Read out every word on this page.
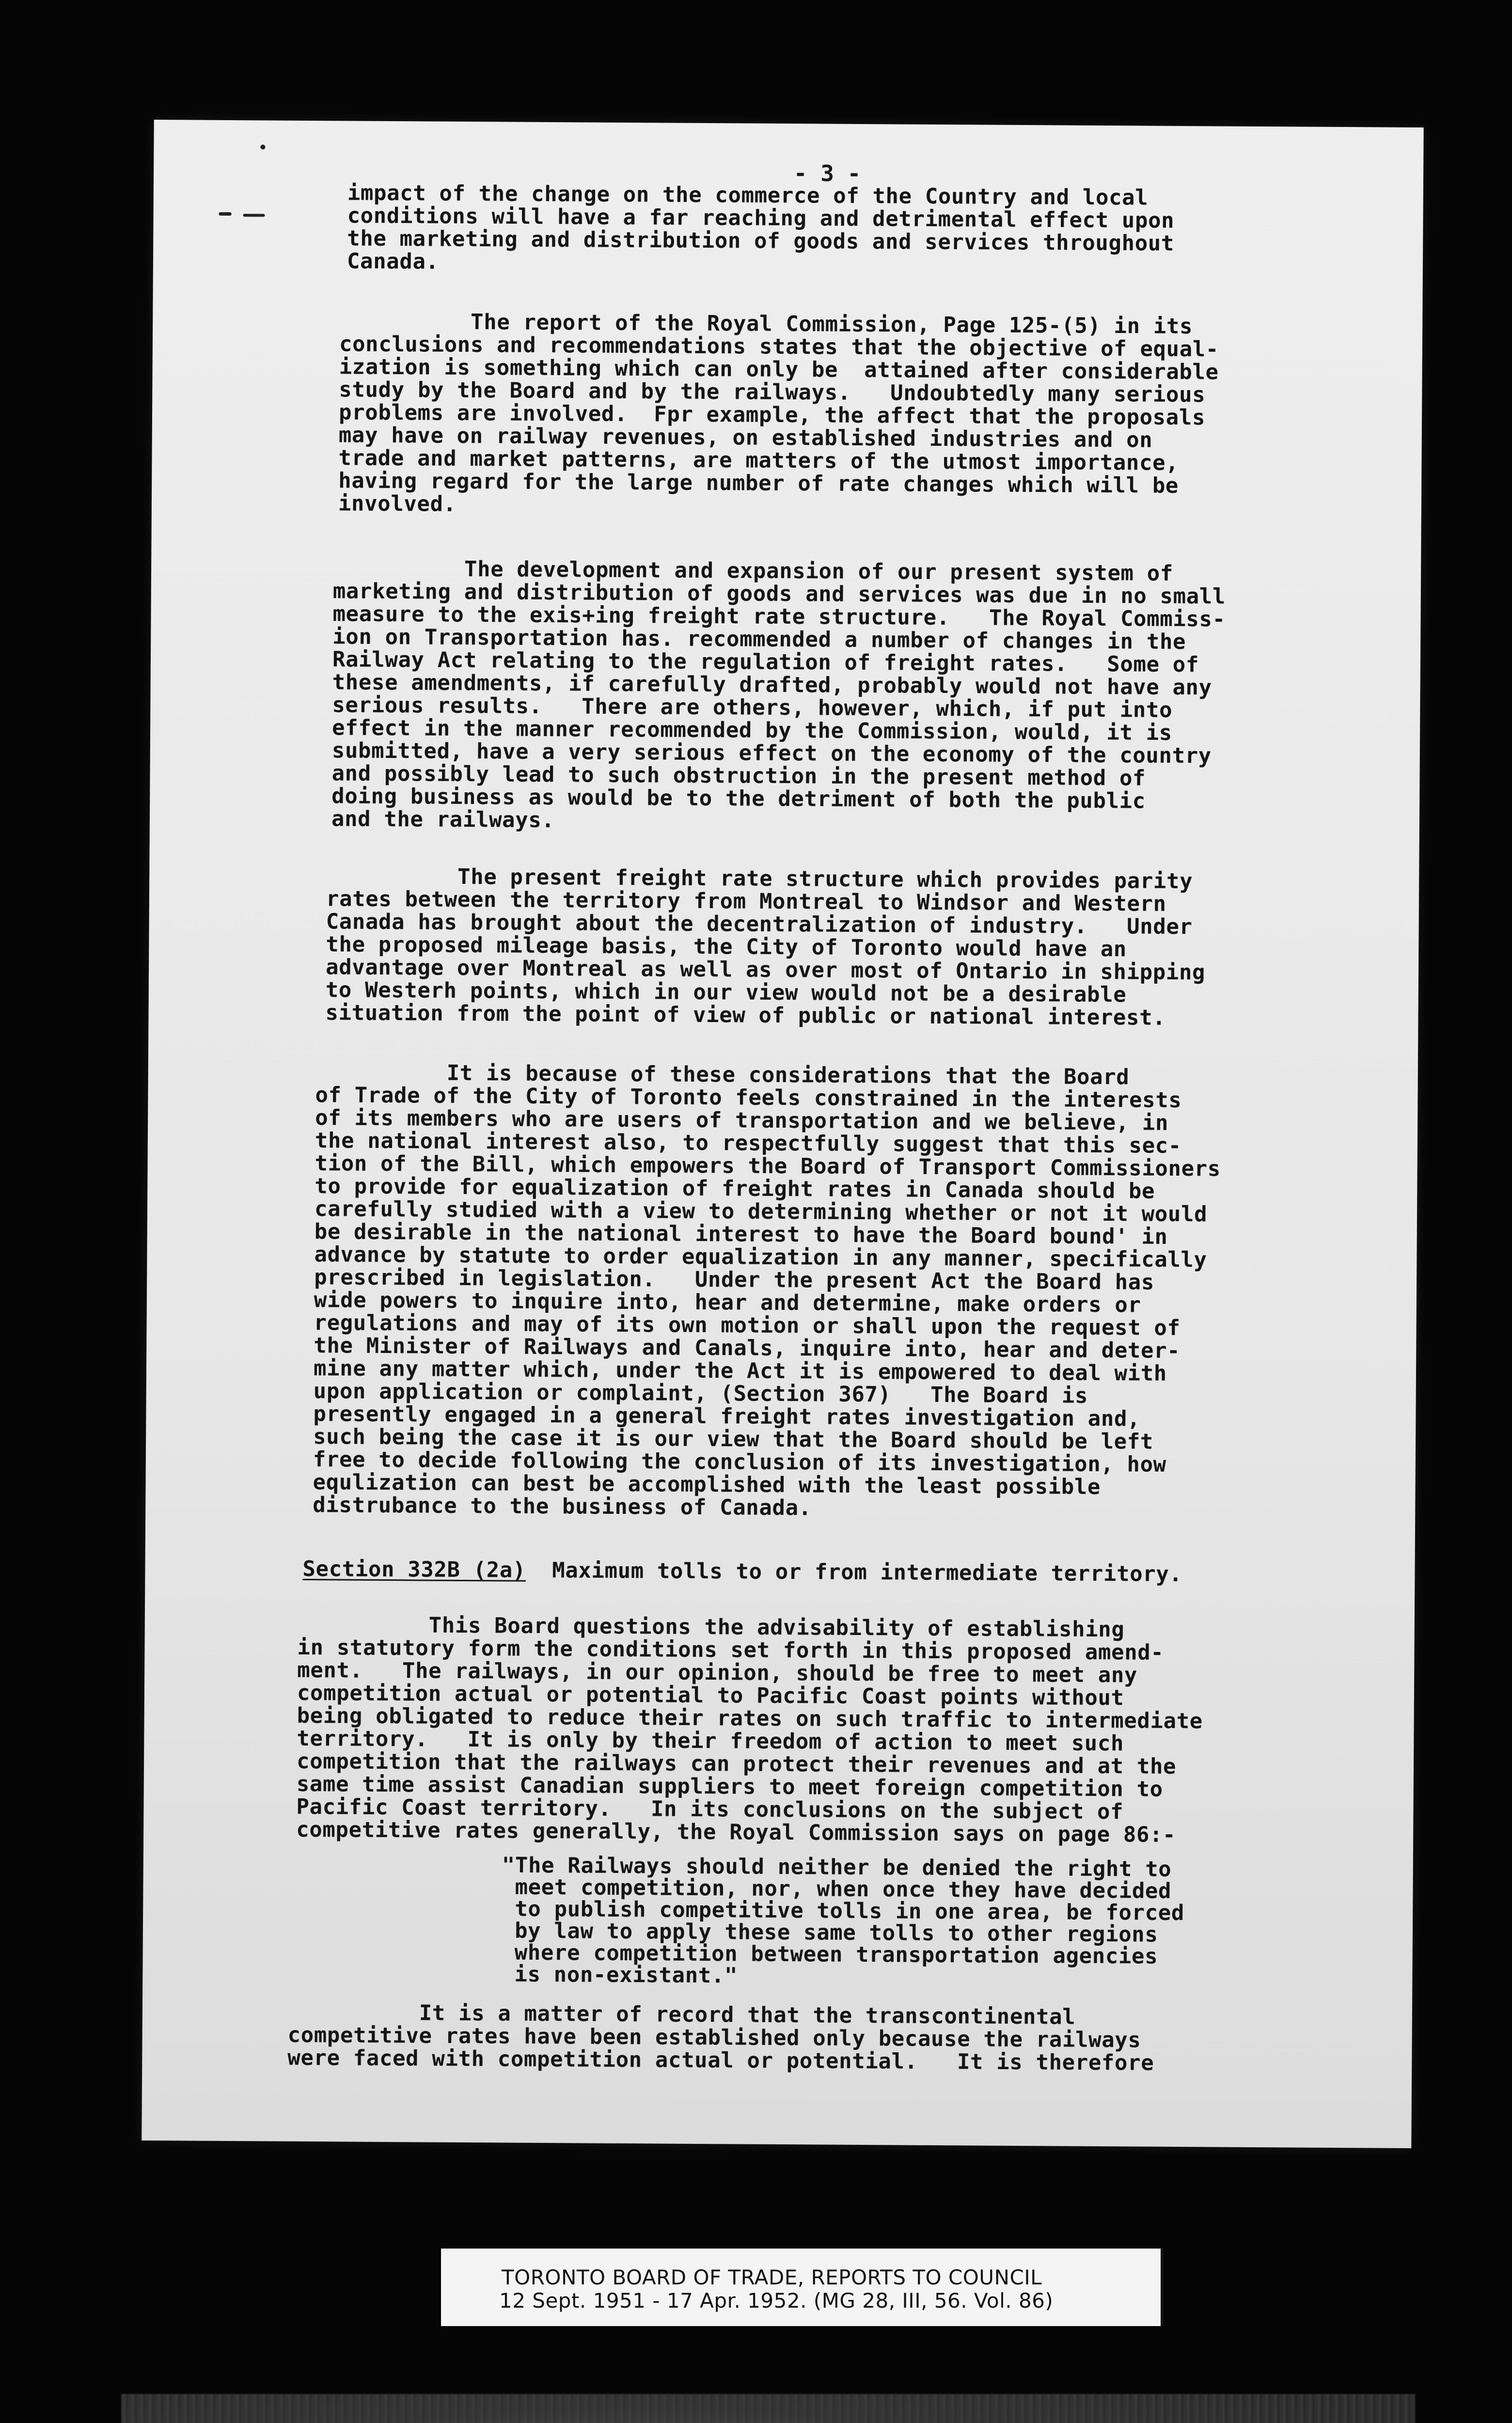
- 3 -

impact of the change on the commerce of the Country and local
conditions will have a far reaching and detrimental effect upon
the marketing and distribution of goods and services throughout
Canada.

The report of the Royal Commission, Page 125-(5) in its
conclusions and recommendations states that the objective of equal-
ization is something which can only be  attained after considerable
study by the Board and by the railways.   Undoubtedly many serious
problems are involved.  Fpr example, the affect that the proposals
may have on railway revenues, on established industries and on
trade and market patterns, are matters of the utmost importance,
having regard for the large number of rate changes which will be
involved.

The development and expansion of our present system of
marketing and distribution of goods and services was due in no small
measure to the exis+ing freight rate structure.   The Royal Commiss-
ion on Transportation has. recommended a number of changes in the
Railway Act relating to the regulation of freight rates.   Some of
these amendments, if carefully drafted, probably would not have any
serious results.   There are others, however, which, if put into
effect in the manner recommended by the Commission, would, it is
submitted, have a very serious effect on the economy of the country
and possibly lead to such obstruction in the present method of
doing business as would be to the detriment of both the public
and the railways.

The present freight rate structure which provides parity
rates between the territory from Montreal to Windsor and Western
Canada has brought about the decentralization of industry.   Under
the proposed mileage basis, the City of Toronto would have an
advantage over Montreal as well as over most of Ontario in shipping
to Westerh points, which in our view would not be a desirable
situation from the point of view of public or national interest.

It is because of these considerations that the Board
of Trade of the City of Toronto feels constrained in the interests
of its members who are users of transportation and we believe, in
the national interest also, to respectfully suggest that this sec-
tion of the Bill, which empowers the Board of Transport Commissioners
to provide for equalization of freight rates in Canada should be
carefully studied with a view to determining whether or not it would
be desirable in the national interest to have the Board bound' in
advance by statute to order equalization in any manner, specifically
prescribed in legislation.   Under the present Act the Board has
wide powers to inquire into, hear and determine, make orders or
regulations and may of its own motion or shall upon the request of
the Minister of Railways and Canals, inquire into, hear and deter-
mine any matter which, under the Act it is empowered to deal with
upon application or complaint, (Section 367)   The Board is
presently engaged in a general freight rates investigation and,
such being the case it is our view that the Board should be left
free to decide following the conclusion of its investigation, how
equlization can best be accomplished with the least possible
distrubance to the business of Canada.

Section 332B (2a)  Maximum tolls to or from intermediate territory.

This Board questions the advisability of establishing
in statutory form the conditions set forth in this proposed amend-
ment.   The railways, in our opinion, should be free to meet any
competition actual or potential to Pacific Coast points without
being obligated to reduce their rates on such traffic to intermediate
territory.   It is only by their freedom of action to meet such
competition that the railways can protect their revenues and at the
same time assist Canadian suppliers to meet foreign competition to
Pacific Coast territory.   In its conclusions on the subject of
competitive rates generally, the Royal Commission says on page 86:-

"The Railways should neither be denied the right to
meet competition, nor, when once they have decided
to publish competitive tolls in one area, be forced
by law to apply these same tolls to other regions
where competition between transportation agencies
is non-existant."

It is a matter of record that the transcontinental
competitive rates have been established only because the railways
were faced with competition actual or potential.   It is therefore

TORONTO BOARD OF TRADE, REPORTS TO COUNCIL

12 Sept. 1951 - 17 Apr. 1952. (MG 28, III, 56. Vol. 86)
